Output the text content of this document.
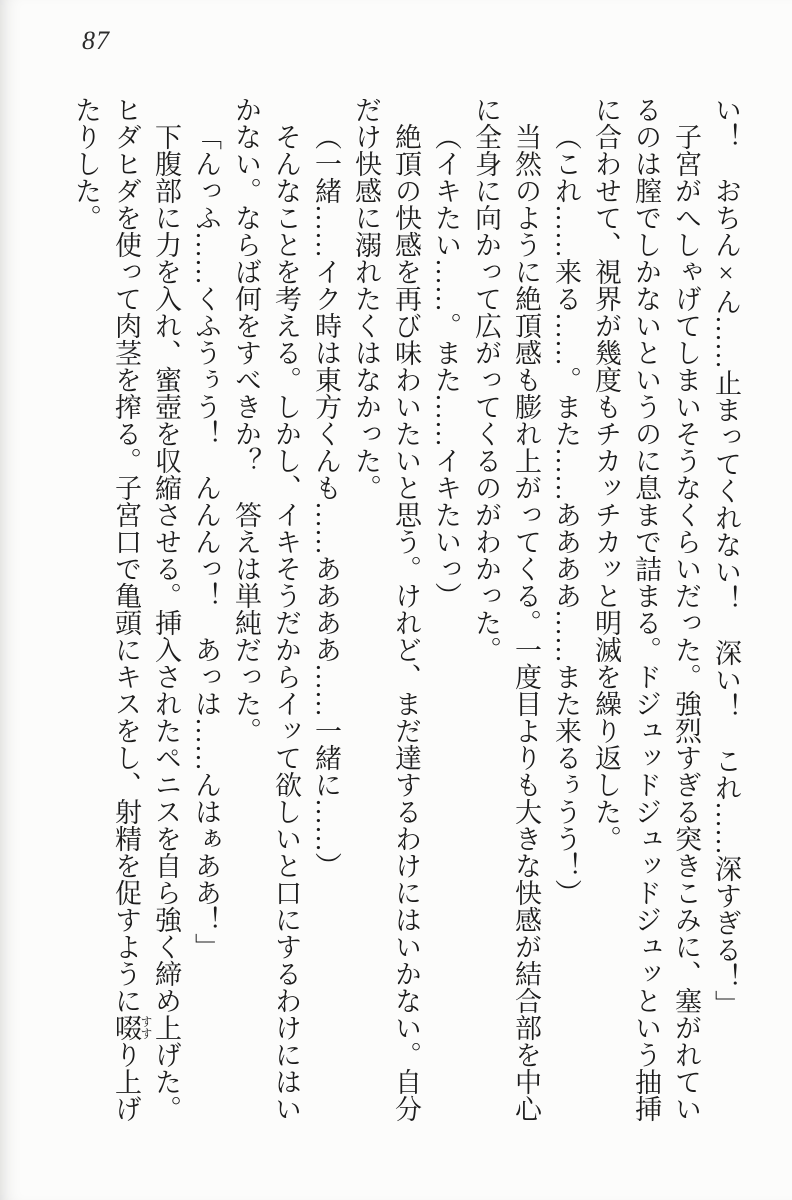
87

い！　おちん×ん……止まってくれない！　深い！　これ……深すぎる！」

子宮がへしゃげてしまいそうなくらいだった。強烈すぎる突きこみに、塞がれているのは膣でしかないというのに息まで詰まる。ドジュッドジュッドジュッという抽挿に合わせて、視界が幾度もチカッチカッと明滅を繰り返した。

（これ……来る……。また……ああああ……また来るぅうう！）

当然のように絶頂感も膨れ上がってくる。一度目よりも大きな快感が結合部を中心に全身に向かって広がってくるのがわかった。

（イキたい……。また……イキたいっ）

絶頂の快感を再び味わいたいと思う。けれど、まだ達するわけにはいかない。自分だけ快感に溺れたくはなかった。

（一緒……イク時は東方くんも……ああああ……一緒に……）

そんなことを考える。しかし、イキそうだからイッて欲しいと口にするわけにはいかない。ならば何をすべきか？　答えは単純だった。

「んっふ……くふうぅう！　んんんっ！　あっは……んはぁああ！」

下腹部に力を入れ、蜜壺を収縮させる。挿入されたペニスを自ら強く締め上げた。ヒダヒダを使って肉茎を搾る。子宮口で亀頭にキスをし、射精を促すように啜すすり上げたりした。
